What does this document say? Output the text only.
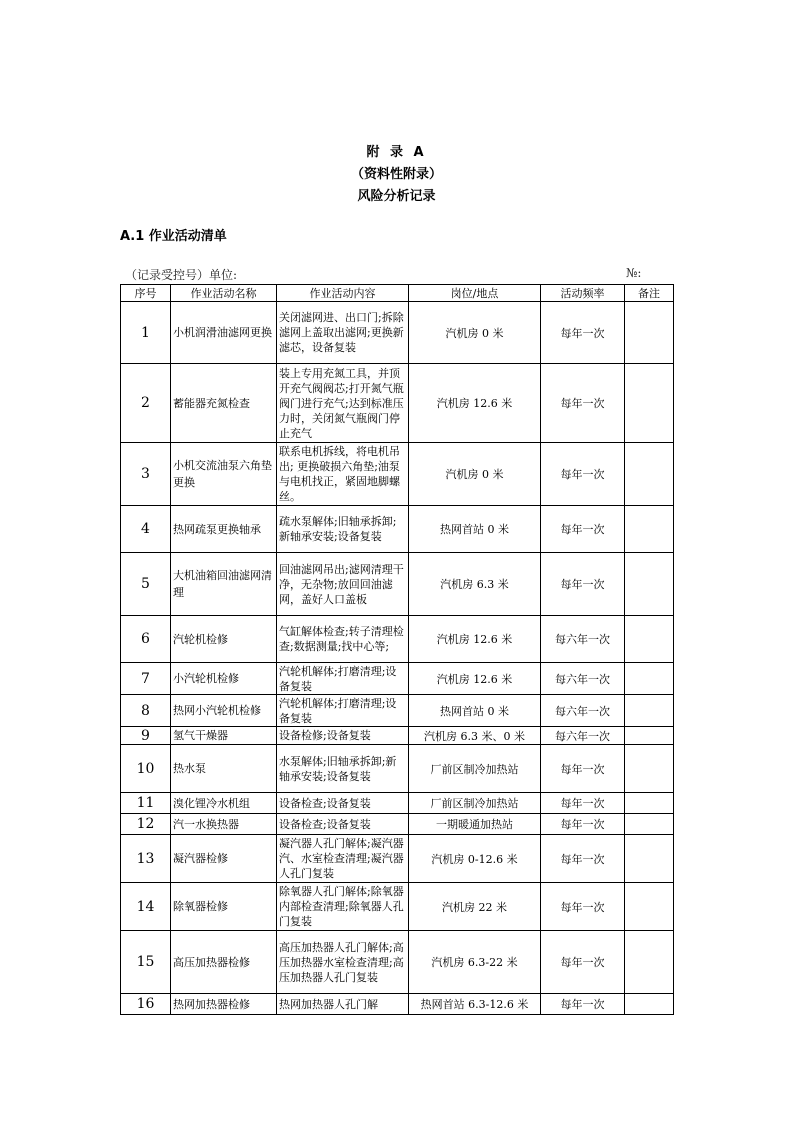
附 录 A
（资料性附录）
风险分析记录
A.1 作业活动清单
（记录受控号）单位:	№:
序号	作业活动名称	作业活动内容	岗位/地点	活动频率	备注
1	小机润滑油滤网更换	关闭滤网进、出口门;拆除滤网上盖取出滤网;更换新滤芯，设备复装	汽机房 0 米	每年一次	
2	蓄能器充氮检查	装上专用充氮工具，并顶开充气阀阀芯;打开氮气瓶阀门进行充气;达到标准压力时，关闭氮气瓶阀门停止充气	汽机房 12.6 米	每年一次	
3	小机交流油泵六角垫更换	联系电机拆线，将电机吊出; 更换破损六角垫;油泵与电机找正，紧固地脚螺丝。	汽机房 0 米	每年一次	
4	热网疏泵更换轴承	疏水泵解体;旧轴承拆卸;新轴承安装;设备复装	热网首站 0 米	每年一次	
5	大机油箱回油滤网清理	回油滤网吊出;滤网清理干净，无杂物;放回回油滤网，盖好人口盖板	汽机房 6.3 米	每年一次	
6	汽轮机检修	气缸解体检查;转子清理检查;数据测量;找中心等;	汽机房 12.6 米	每六年一次	
7	小汽轮机检修	汽轮机解体;打磨清理;设备复装	汽机房 12.6 米	每六年一次	
8	热网小汽轮机检修	汽轮机解体;打磨清理;设备复装	热网首站 0 米	每六年一次	
9	氢气干燥器	设备检修;设备复装	汽机房 6.3 米、0 米	每六年一次	
10	热水泵	水泵解体;旧轴承拆卸;新轴承安装;设备复装	厂前区制冷加热站	每年一次	
11	溴化锂冷水机组	设备检查;设备复装	厂前区制冷加热站	每年一次	
12	汽一水换热器	设备检查;设备复装	一期暖通加热站	每年一次	
13	凝汽器检修	凝汽器人孔门解体;凝汽器汽、水室检查清理;凝汽器人孔门复装	汽机房 0-12.6 米	每年一次	
14	除氧器检修	除氧器人孔门解体;除氧器内部检查清理;除氧器人孔门复装	汽机房 22 米	每年一次	
15	高压加热器检修	高压加热器人孔门解体;高压加热器水室检查清理;高压加热器人孔门复装	汽机房 6.3-22 米	每年一次	
16	热网加热器检修	热网加热器人孔门解	热网首站 6.3-12.6 米	每年一次	
